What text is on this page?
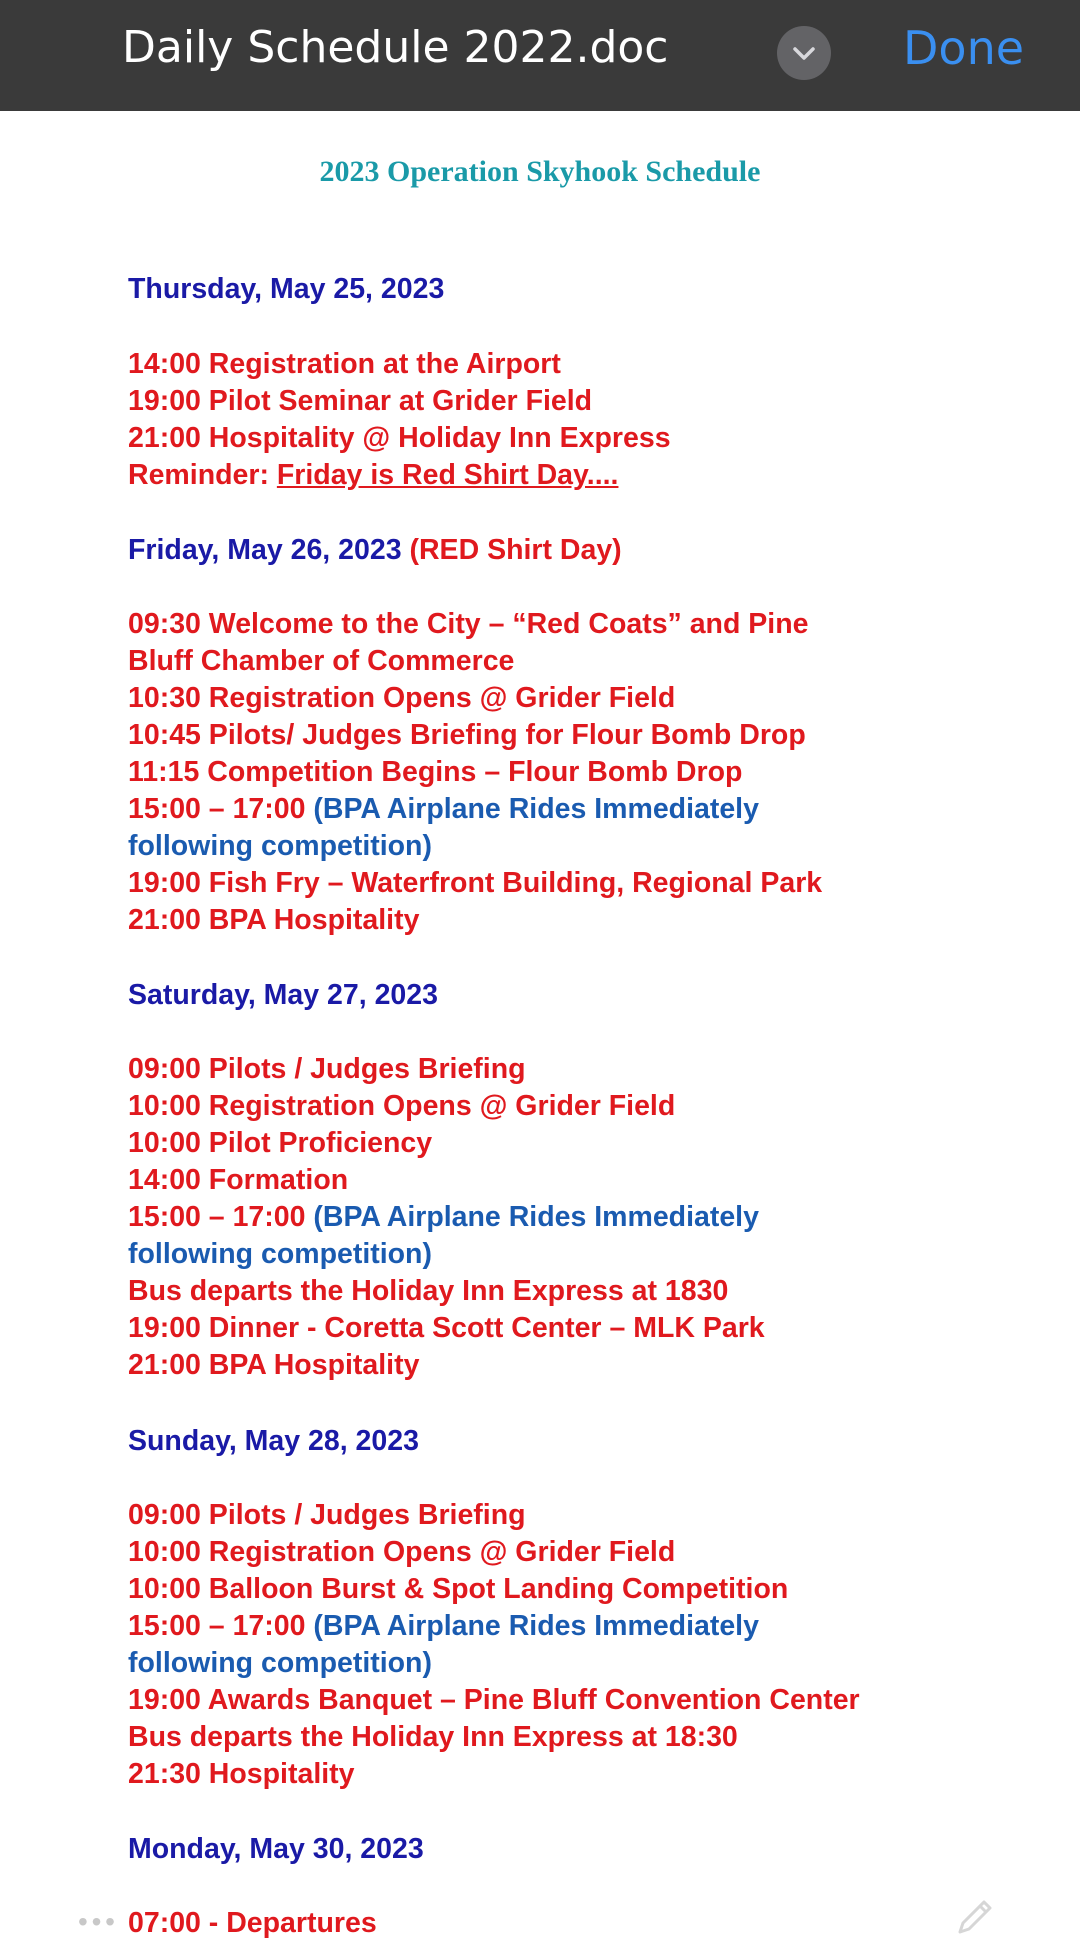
Daily Schedule 2022.doc	Done
2023 Operation Skyhook Schedule
Thursday, May 25, 2023
14:00 Registration at the Airport
19:00 Pilot Seminar at Grider Field
21:00 Hospitality @ Holiday Inn Express
Reminder: Friday is Red Shirt Day....
Friday, May 26, 2023 (RED Shirt Day)
09:30 Welcome to the City – “Red Coats” and Pine
Bluff Chamber of Commerce
10:30 Registration Opens @ Grider Field
10:45 Pilots/ Judges Briefing for Flour Bomb Drop
11:15 Competition Begins – Flour Bomb Drop
15:00 – 17:00 (BPA Airplane Rides Immediately
following competition)
19:00 Fish Fry – Waterfront Building, Regional Park
21:00 BPA Hospitality
Saturday, May 27, 2023
09:00 Pilots / Judges Briefing
10:00 Registration Opens @ Grider Field
10:00 Pilot Proficiency
14:00 Formation
15:00 – 17:00 (BPA Airplane Rides Immediately
following competition)
Bus departs the Holiday Inn Express at 1830
19:00 Dinner - Coretta Scott Center – MLK Park
21:00 BPA Hospitality
Sunday, May 28, 2023
09:00 Pilots / Judges Briefing
10:00 Registration Opens @ Grider Field
10:00 Balloon Burst & Spot Landing Competition
15:00 – 17:00 (BPA Airplane Rides Immediately
following competition)
19:00 Awards Banquet – Pine Bluff Convention Center
Bus departs the Holiday Inn Express at 18:30
21:30 Hospitality
Monday, May 30, 2023
07:00 - Departures
• • •
